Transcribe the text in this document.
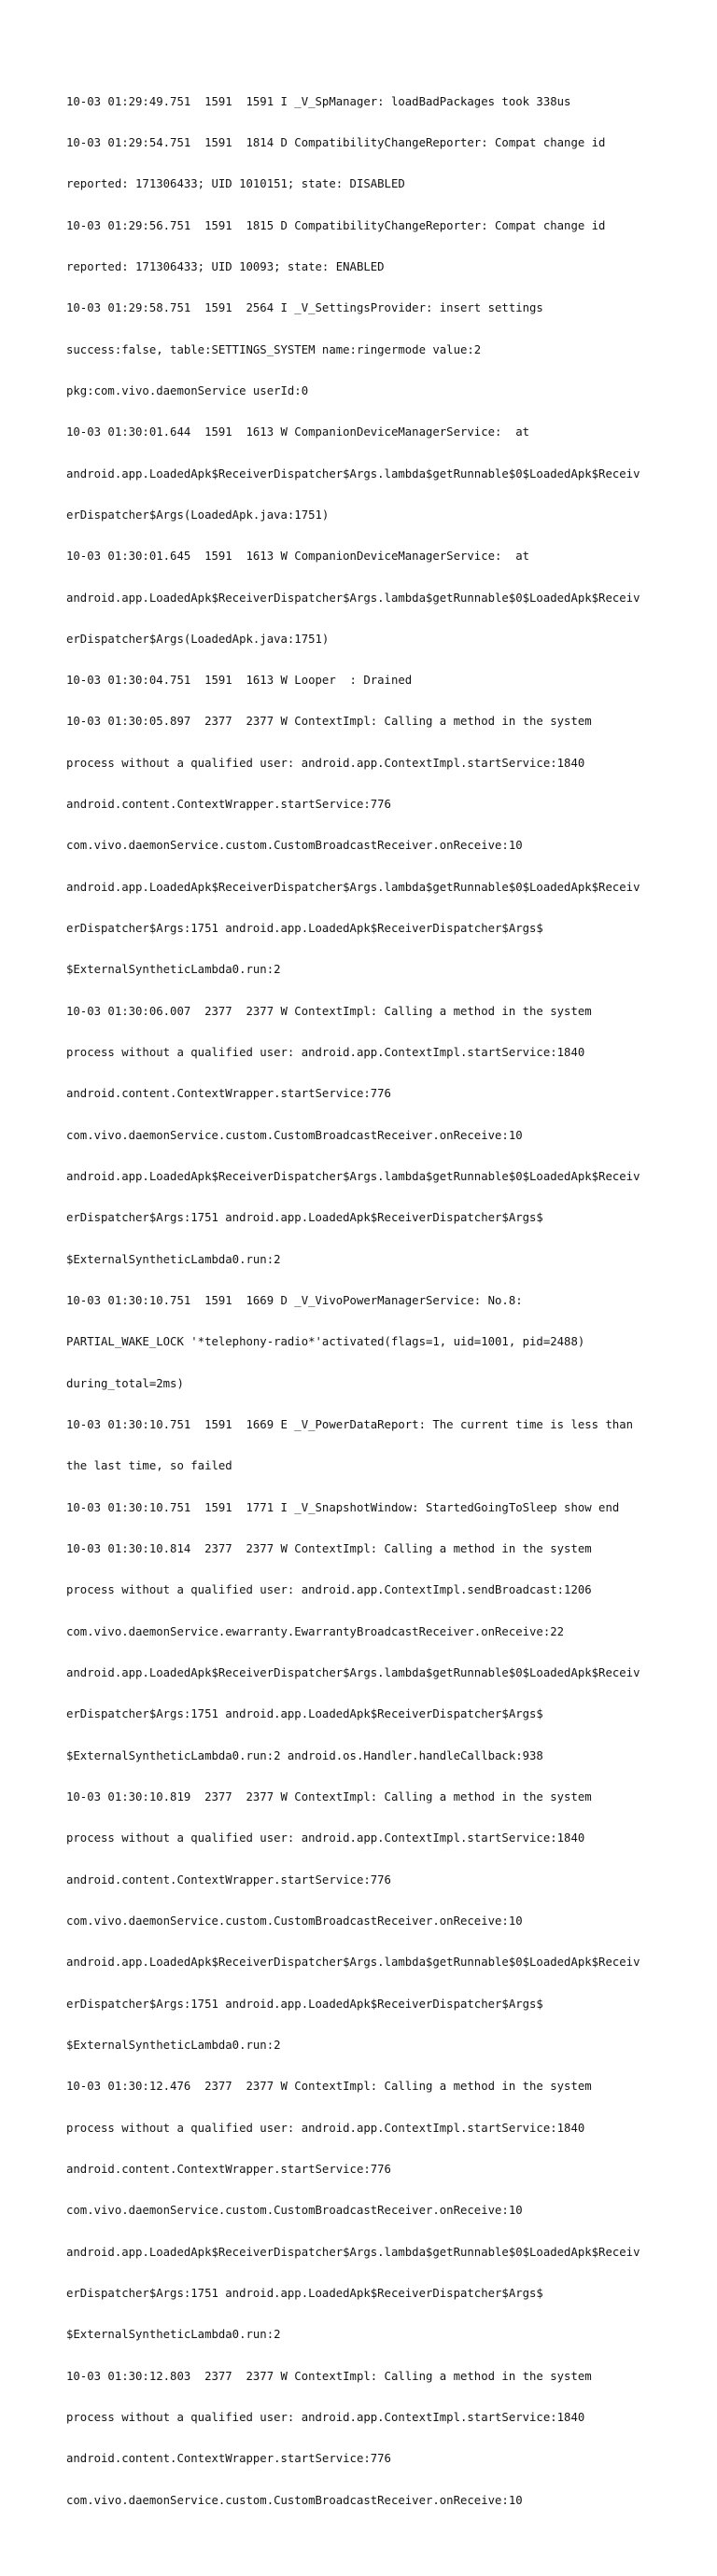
10-03 01:29:49.751  1591  1591 I _V_SpManager: loadBadPackages took 338us

10-03 01:29:54.751  1591  1814 D CompatibilityChangeReporter: Compat change id

reported: 171306433; UID 1010151; state: DISABLED

10-03 01:29:56.751  1591  1815 D CompatibilityChangeReporter: Compat change id

reported: 171306433; UID 10093; state: ENABLED

10-03 01:29:58.751  1591  2564 I _V_SettingsProvider: insert settings

success:false, table:SETTINGS_SYSTEM name:ringermode value:2

pkg:com.vivo.daemonService userId:0

10-03 01:30:01.644  1591  1613 W CompanionDeviceManagerService:  at

android.app.LoadedApk$ReceiverDispatcher$Args.lambda$getRunnable$0$LoadedApk$Receiv

erDispatcher$Args(LoadedApk.java:1751)

10-03 01:30:01.645  1591  1613 W CompanionDeviceManagerService:  at

android.app.LoadedApk$ReceiverDispatcher$Args.lambda$getRunnable$0$LoadedApk$Receiv

erDispatcher$Args(LoadedApk.java:1751)

10-03 01:30:04.751  1591  1613 W Looper  : Drained

10-03 01:30:05.897  2377  2377 W ContextImpl: Calling a method in the system

process without a qualified user: android.app.ContextImpl.startService:1840

android.content.ContextWrapper.startService:776

com.vivo.daemonService.custom.CustomBroadcastReceiver.onReceive:10

android.app.LoadedApk$ReceiverDispatcher$Args.lambda$getRunnable$0$LoadedApk$Receiv

erDispatcher$Args:1751 android.app.LoadedApk$ReceiverDispatcher$Args$

$ExternalSyntheticLambda0.run:2

10-03 01:30:06.007  2377  2377 W ContextImpl: Calling a method in the system

process without a qualified user: android.app.ContextImpl.startService:1840

android.content.ContextWrapper.startService:776

com.vivo.daemonService.custom.CustomBroadcastReceiver.onReceive:10

android.app.LoadedApk$ReceiverDispatcher$Args.lambda$getRunnable$0$LoadedApk$Receiv

erDispatcher$Args:1751 android.app.LoadedApk$ReceiverDispatcher$Args$

$ExternalSyntheticLambda0.run:2

10-03 01:30:10.751  1591  1669 D _V_VivoPowerManagerService: No.8:

PARTIAL_WAKE_LOCK '*telephony-radio*'activated(flags=1, uid=1001, pid=2488)

during_total=2ms)

10-03 01:30:10.751  1591  1669 E _V_PowerDataReport: The current time is less than

the last time, so failed

10-03 01:30:10.751  1591  1771 I _V_SnapshotWindow: StartedGoingToSleep show end

10-03 01:30:10.814  2377  2377 W ContextImpl: Calling a method in the system

process without a qualified user: android.app.ContextImpl.sendBroadcast:1206

com.vivo.daemonService.ewarranty.EwarrantyBroadcastReceiver.onReceive:22

android.app.LoadedApk$ReceiverDispatcher$Args.lambda$getRunnable$0$LoadedApk$Receiv

erDispatcher$Args:1751 android.app.LoadedApk$ReceiverDispatcher$Args$

$ExternalSyntheticLambda0.run:2 android.os.Handler.handleCallback:938

10-03 01:30:10.819  2377  2377 W ContextImpl: Calling a method in the system

process without a qualified user: android.app.ContextImpl.startService:1840

android.content.ContextWrapper.startService:776

com.vivo.daemonService.custom.CustomBroadcastReceiver.onReceive:10

android.app.LoadedApk$ReceiverDispatcher$Args.lambda$getRunnable$0$LoadedApk$Receiv

erDispatcher$Args:1751 android.app.LoadedApk$ReceiverDispatcher$Args$

$ExternalSyntheticLambda0.run:2

10-03 01:30:12.476  2377  2377 W ContextImpl: Calling a method in the system

process without a qualified user: android.app.ContextImpl.startService:1840

android.content.ContextWrapper.startService:776

com.vivo.daemonService.custom.CustomBroadcastReceiver.onReceive:10

android.app.LoadedApk$ReceiverDispatcher$Args.lambda$getRunnable$0$LoadedApk$Receiv

erDispatcher$Args:1751 android.app.LoadedApk$ReceiverDispatcher$Args$

$ExternalSyntheticLambda0.run:2

10-03 01:30:12.803  2377  2377 W ContextImpl: Calling a method in the system

process without a qualified user: android.app.ContextImpl.startService:1840

android.content.ContextWrapper.startService:776

com.vivo.daemonService.custom.CustomBroadcastReceiver.onReceive:10
